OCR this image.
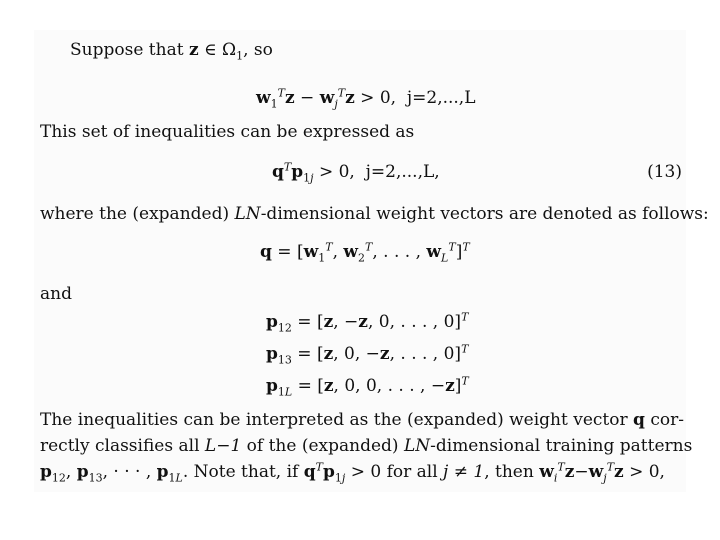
Suppose that z ∈ $\Omega_1$, so
$w_1^Tz - w_j^Tz > 0$,  j=2,...,L
This set of inequalities can be expressed as
$q^Tp_{1j} > 0$,  j=2,...,L,	(13)
where the (expanded) LN-dimensional weight vectors are denoted as follows:
$q = [w_1^T$, $w_2^T$, . . . , $w_L^T]^T$
and
$p_{12} = [z$, −z, 0, . . . , 0]$^T$
$p_{13} = [z$, 0, −z, . . . , 0]$^T$
$p_{1L} = [z$, 0, 0, . . . , −z]$^T$
The inequalities can be interpreted as the (expanded) weight vector q cor-
rectly classifies all L−1 of the (expanded) LN-dimensional training patterns
$p_{12}$, $p_{13}$, · · · , $p_{1L}$. Note that, if $q^Tp_{1j} > 0$ for all j ≠ 1, then $w_i^Tz-w_j^Tz > 0$,
